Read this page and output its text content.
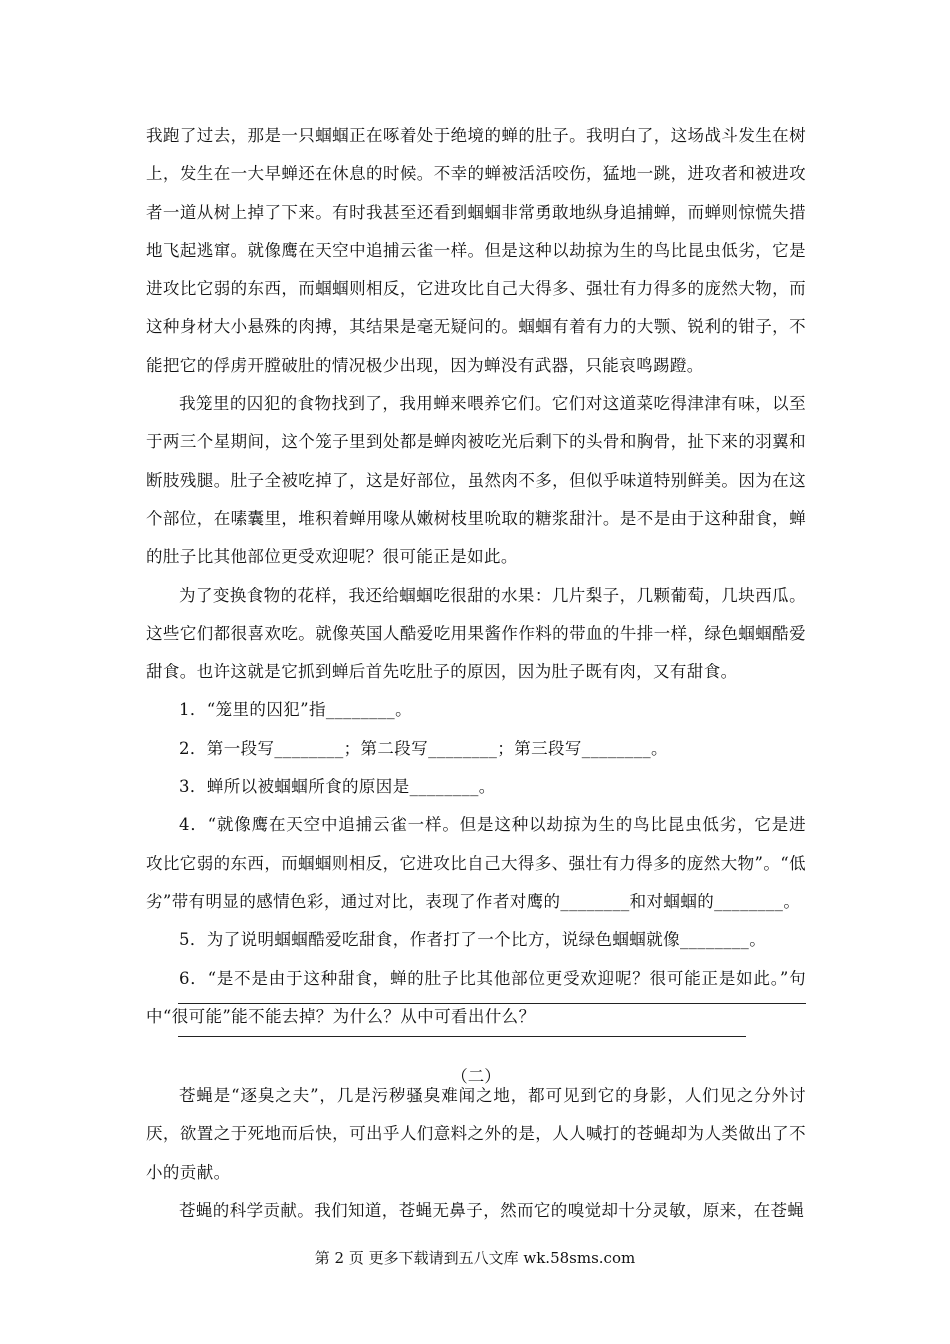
我跑了过去，那是一只蝈蝈正在啄着处于绝境的蝉的肚子。我明白了，这场战斗发生在树上，发生在一大早蝉还在休息的时候。不幸的蝉被活活咬伤，猛地一跳，进攻者和被进攻者一道从树上掉了下来。有时我甚至还看到蝈蝈非常勇敢地纵身追捕蝉，而蝉则惊慌失措地飞起逃窜。就像鹰在天空中追捕云雀一样。但是这种以劫掠为生的鸟比昆虫低劣，它是进攻比它弱的东西，而蝈蝈则相反，它进攻比自己大得多、强壮有力得多的庞然大物，而这种身材大小悬殊的肉搏，其结果是毫无疑问的。蝈蝈有着有力的大颚、锐利的钳子，不能把它的俘虏开膛破肚的情况极少出现，因为蝉没有武器，只能哀鸣踢蹬。

我笼里的囚犯的食物找到了，我用蝉来喂养它们。它们对这道菜吃得津津有味，以至于两三个星期间，这个笼子里到处都是蝉肉被吃光后剩下的头骨和胸骨，扯下来的羽翼和断肢残腿。肚子全被吃掉了，这是好部位，虽然肉不多，但似乎味道特别鲜美。因为在这个部位，在嗉囊里，堆积着蝉用喙从嫩树枝里吮取的糖浆甜汁。是不是由于这种甜食，蝉的肚子比其他部位更受欢迎呢？很可能正是如此。

为了变换食物的花样，我还给蝈蝈吃很甜的水果：几片梨子，几颗葡萄，几块西瓜。这些它们都很喜欢吃。就像英国人酷爱吃用果酱作作料的带血的牛排一样，绿色蝈蝈酷爱甜食。也许这就是它抓到蝉后首先吃肚子的原因，因为肚子既有肉，又有甜食。

1．“笼里的囚犯”指________。

2．第一段写________；第二段写________；第三段写________。

3．蝉所以被蝈蝈所食的原因是________。

4．“就像鹰在天空中追捕云雀一样。但是这种以劫掠为生的鸟比昆虫低劣，它是进攻比它弱的东西，而蝈蝈则相反，它进攻比自己大得多、强壮有力得多的庞然大物”。“低劣”带有明显的感情色彩，通过对比，表现了作者对鹰的________和对蝈蝈的________。

5．为了说明蝈蝈酷爱吃甜食，作者打了一个比方，说绿色蝈蝈就像________。

6．“是不是由于这种甜食，蝉的肚子比其他部位更受欢迎呢？很可能正是如此。”句中“很可能”能不能去掉？为什么？从中可看出什么？

（二）

苍蝇是“逐臭之夫”，几是污秽骚臭难闻之地，都可见到它的身影，人们见之分外讨厌，欲置之于死地而后快，可出乎人们意料之外的是，人人喊打的苍蝇却为人类做出了不小的贡献。

苍蝇的科学贡献。我们知道，苍蝇无鼻子，然而它的嗅觉却十分灵敏，原来，在苍蝇

第 2 页 更多下载请到五八文库 wk.58sms.com
